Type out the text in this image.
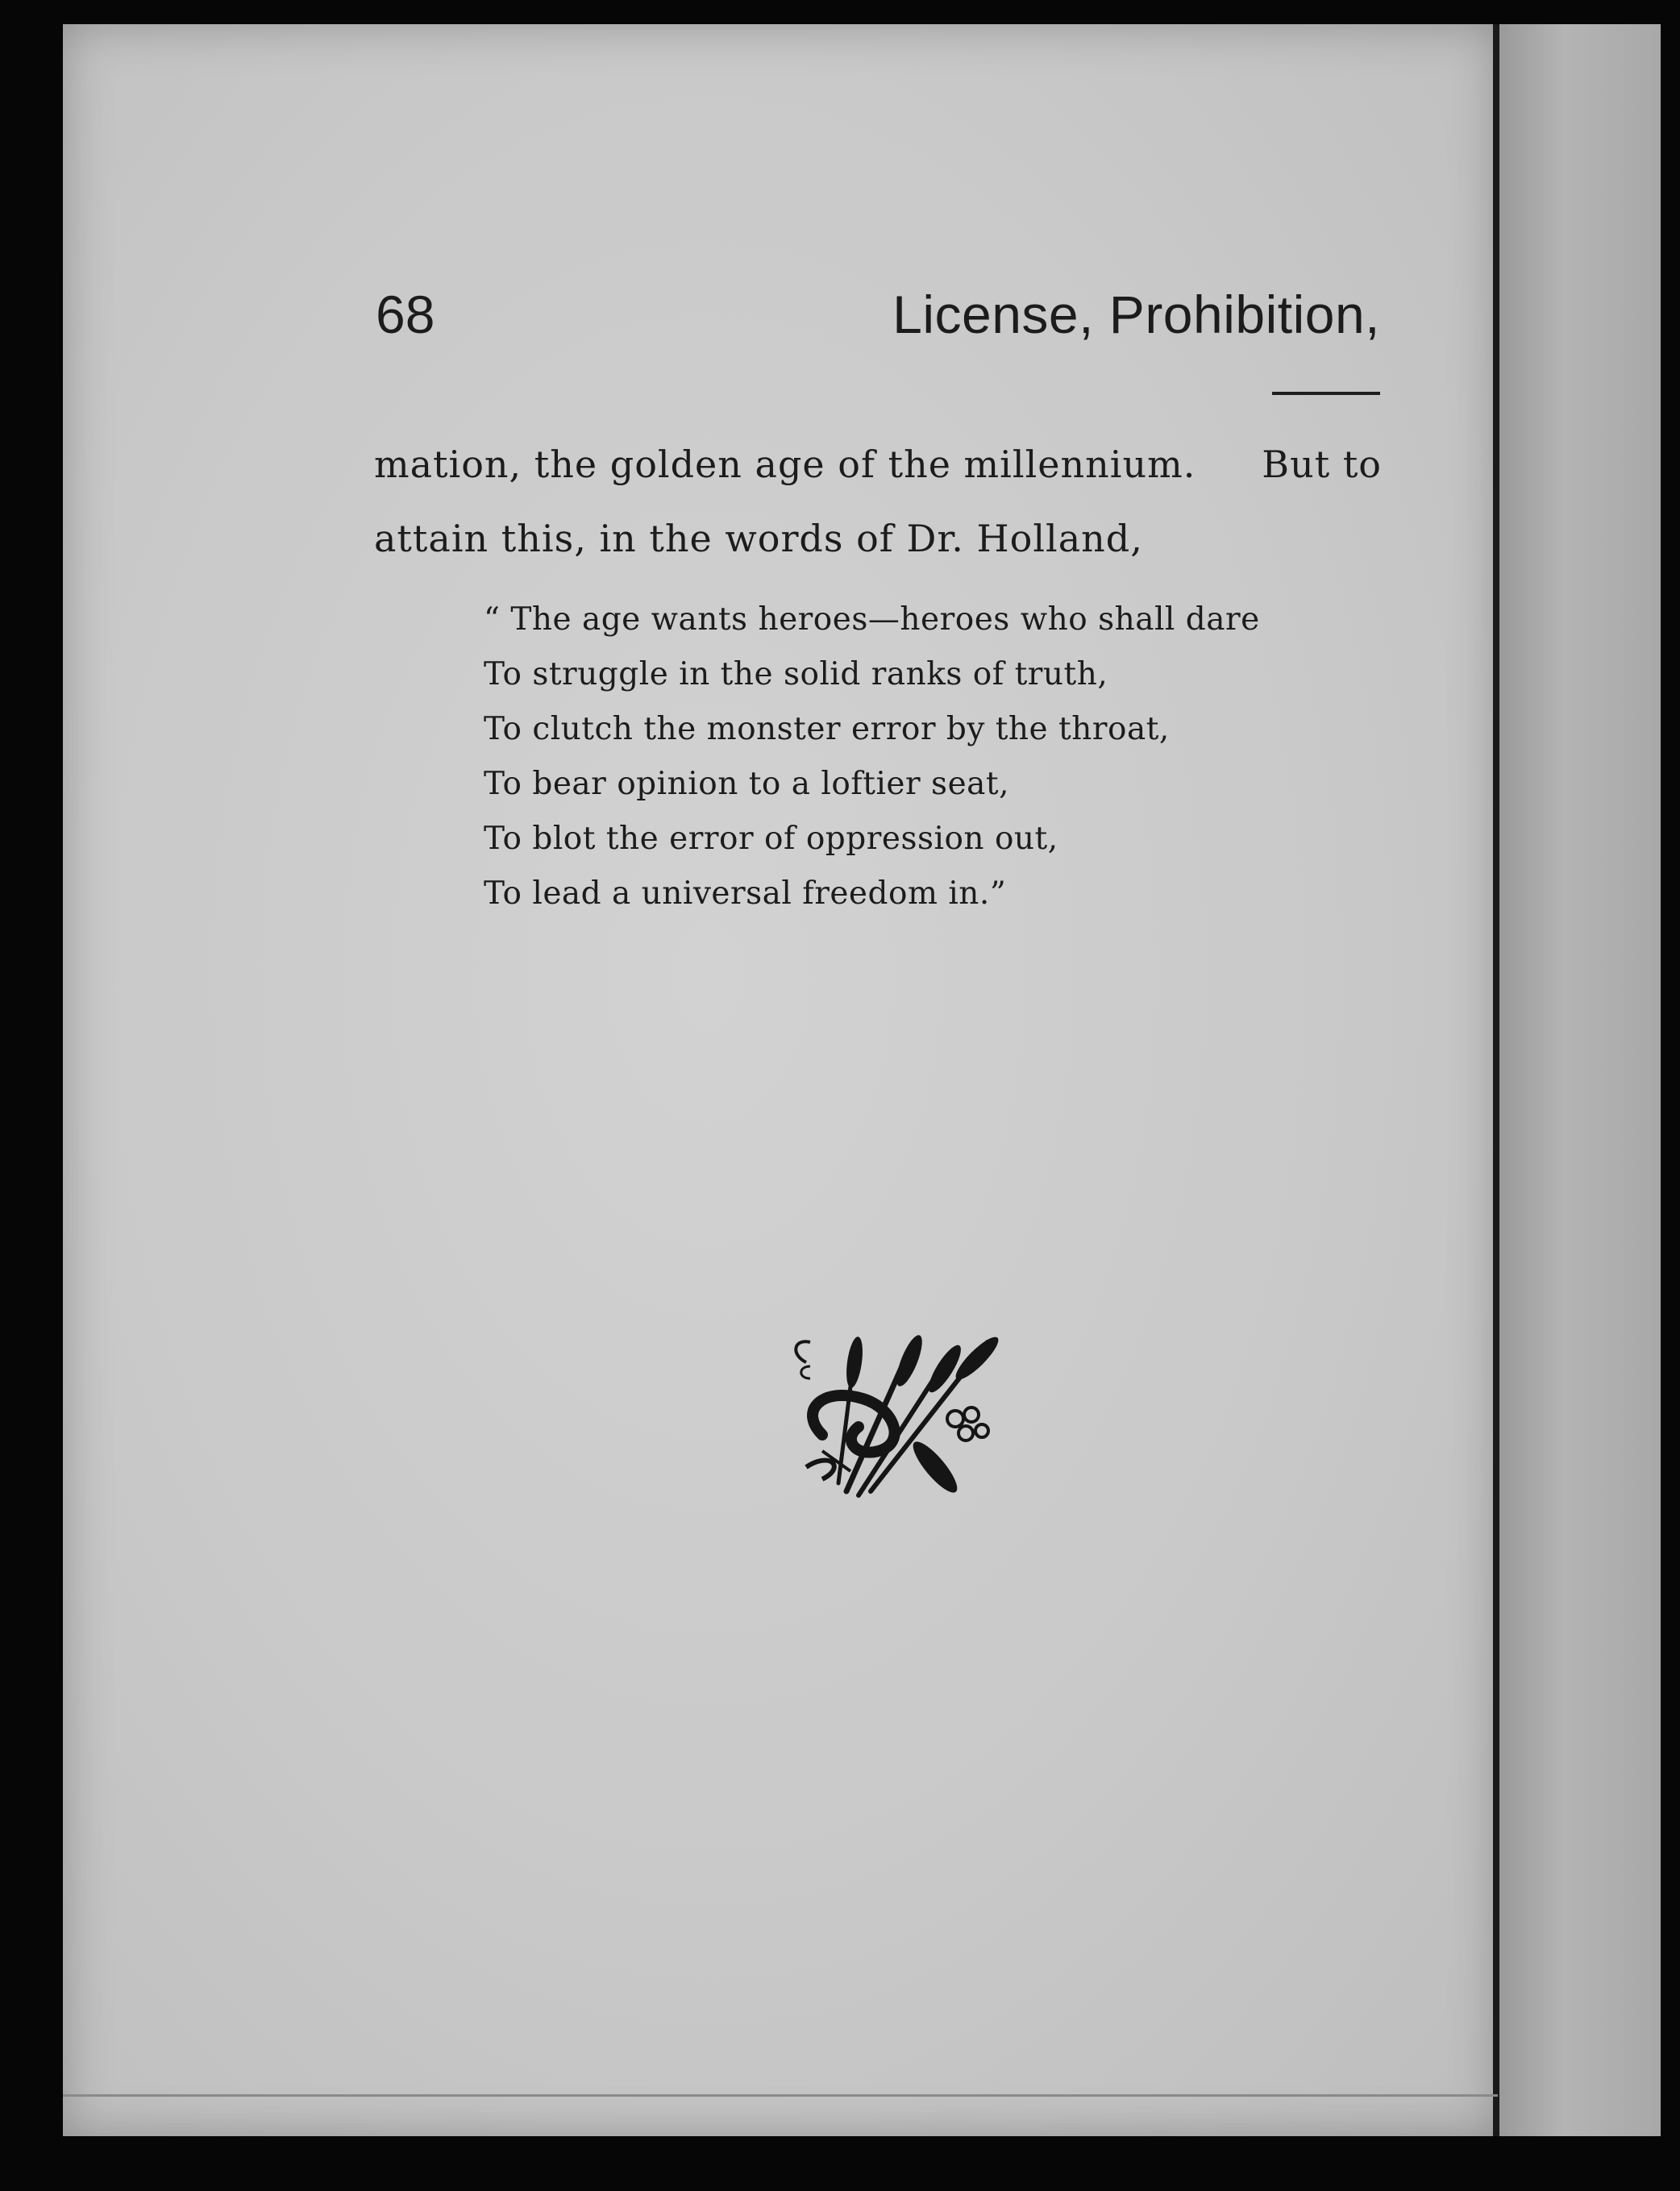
68	License, Prohibition,
mation, the golden age of the millennium. But to
attain this, in the words of Dr. Holland,
“ The age wants heroes—heroes who shall dare
To struggle in the solid ranks of truth,
To clutch the monster error by the throat,
To bear opinion to a loftier seat,
To blot the error of oppression out,
To lead a universal freedom in.”
